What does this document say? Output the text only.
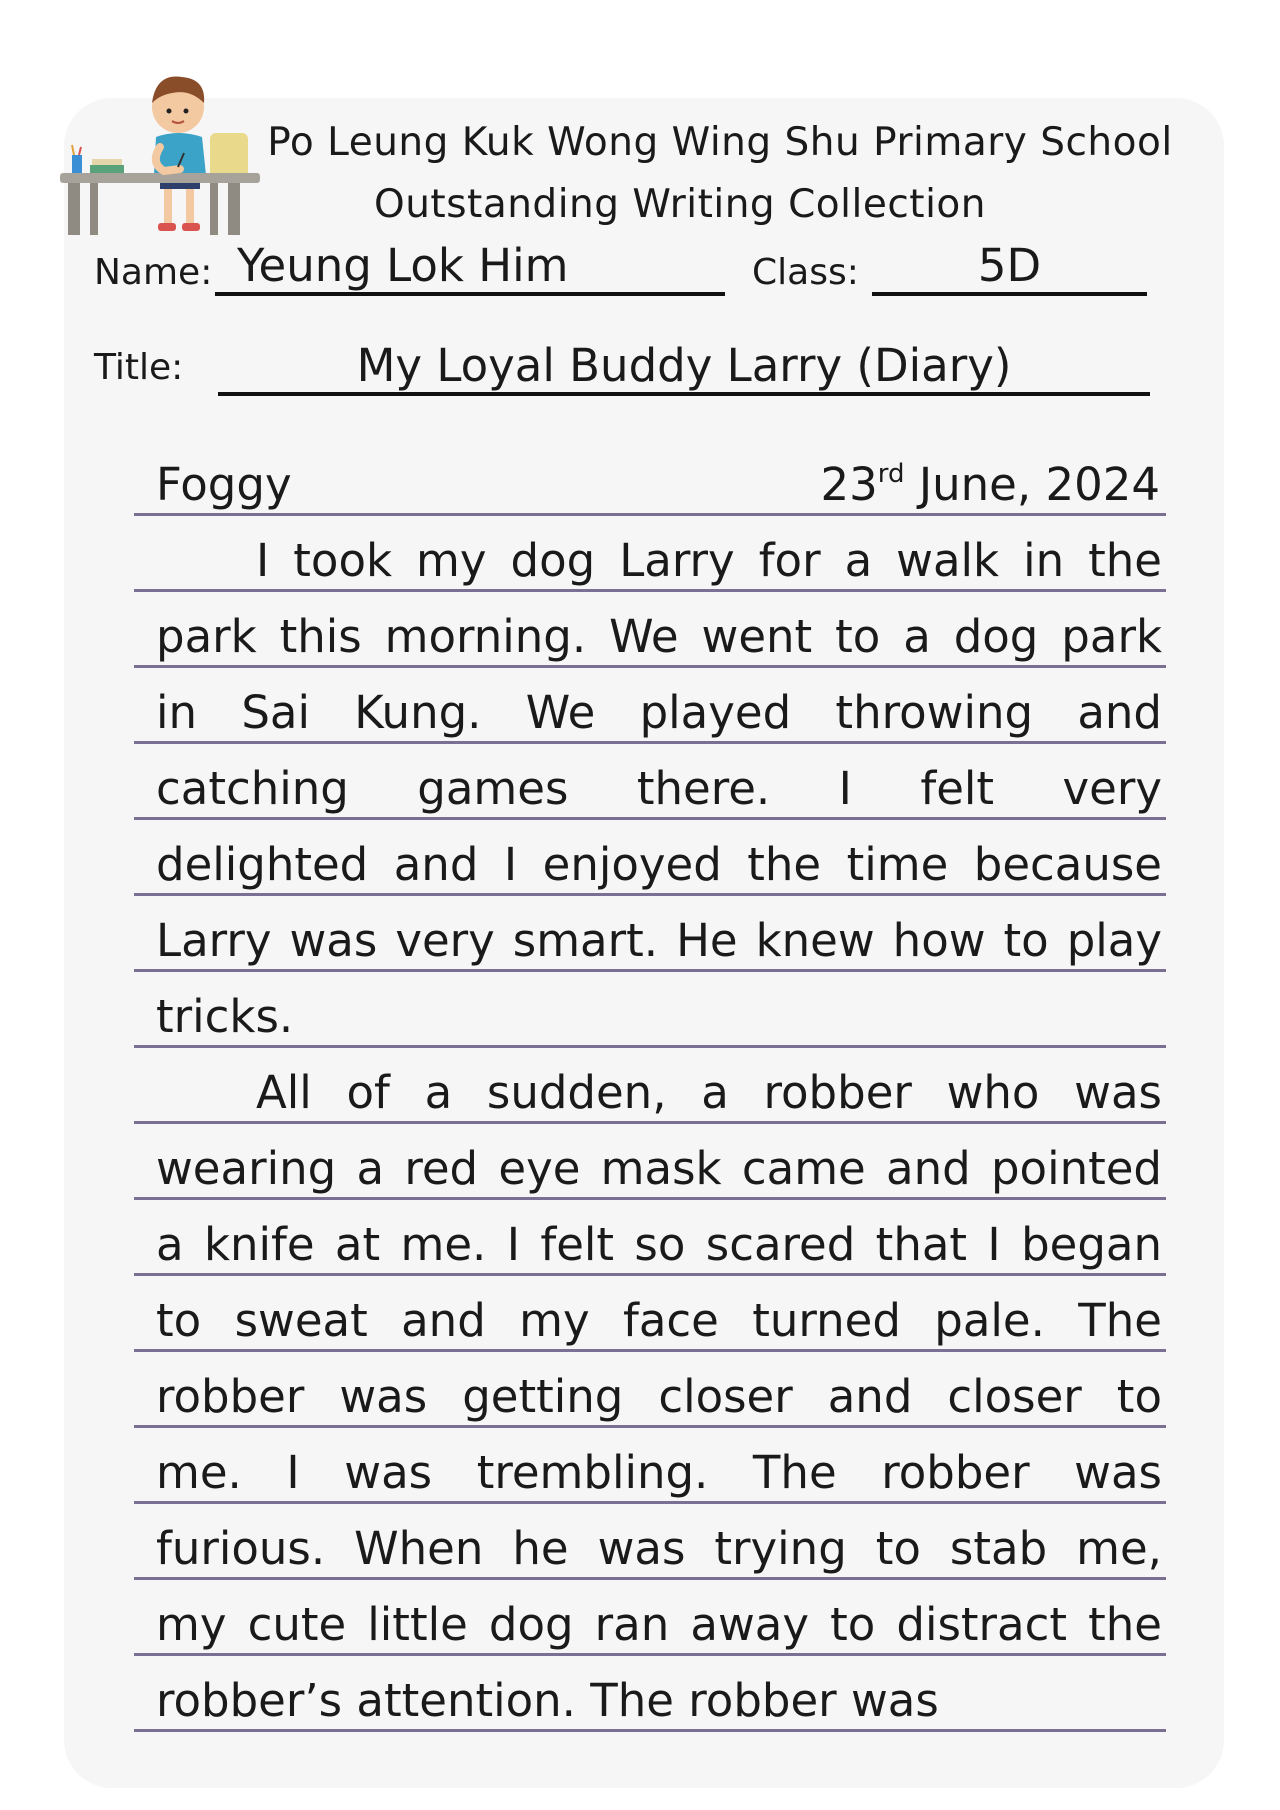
Po Leung Kuk Wong Wing Shu Primary School
Outstanding Writing Collection
Name: Yeung Lok Him	Class:	5D
Title:	My Loyal Buddy Larry (Diary)
Foggy	23rd June, 2024
I took my dog Larry for a walk in the
park this morning. We went to a dog park
in Sai Kung. We played throwing and
catching games there. I felt very
delighted and I enjoyed the time because
Larry was very smart. He knew how to play
tricks.
All of a sudden, a robber who was
wearing a red eye mask came and pointed
a knife at me. I felt so scared that I began
to sweat and my face turned pale. The
robber was getting closer and closer to
me. I was trembling. The robber was
furious. When he was trying to stab me,
my cute little dog ran away to distract the
robber’s attention. The robber was
